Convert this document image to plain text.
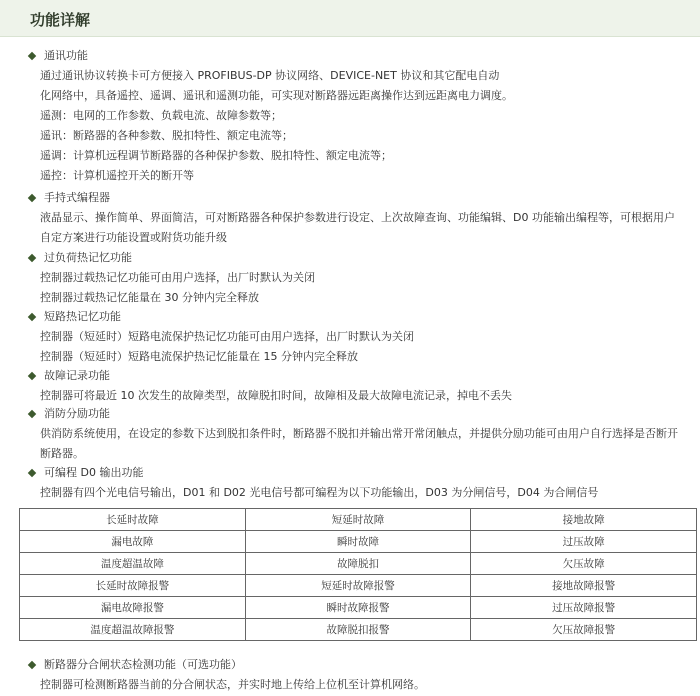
功能详解
通讯功能
通过通讯协议转换卡可方便接入 PROFIBUS-DP 协议网络、DEVICE-NET 协议和其它配电自动
化网络中，具备遥控、遥调、遥讯和遥测功能，可实现对断路器远距离操作达到远距离电力调度。
遥测：电网的工作参数、负载电流、故障参数等；
遥讯：断路器的各种参数、脱扣特性、额定电流等；
遥调：计算机远程调节断路器的各种保护参数、脱扣特性、额定电流等；
遥控：计算机遥控开关的断开等
手持式编程器
液晶显示、操作简单、界面简洁，可对断路器各种保护参数进行设定、上次故障查询、功能编辑、D0 功能输出编程等，可根据用户
自定方案进行功能设置或附货功能升级
过负荷热记忆功能
控制器过载热记忆功能可由用户选择，出厂时默认为关闭
控制器过载热记忆能量在 30 分钟内完全释放
短路热记忆功能
控制器（短延时）短路电流保护热记忆功能可由用户选择，出厂时默认为关闭
控制器（短延时）短路电流保护热记忆能量在 15 分钟内完全释放
故障记录功能
控制器可将最近 10 次发生的故障类型，故障脱扣时间，故障相及最大故障电流记录，掉电不丢失
消防分励功能
供消防系统使用，在设定的参数下达到脱扣条件时，断路器不脱扣并输出常开常闭触点，并提供分励功能可由用户自行选择是否断开
断路器。
可编程 D0 输出功能
控制器有四个光电信号输出，D01 和 D02 光电信号都可编程为以下功能输出，D03 为分闸信号，D04 为合闸信号
长延时故障	短延时故障	接地故障
漏电故障	瞬时故障	过压故障
温度超温故障	故障脱扣	欠压故障
长延时故障报警	短延时故障报警	接地故障报警
漏电故障报警	瞬时故障报警	过压故障报警
温度超温故障报警	故障脱扣报警	欠压故障报警
断路器分合闸状态检测功能（可选功能）
控制器可检测断路器当前的分合闸状态，并实时地上传给上位机至计算机网络。
